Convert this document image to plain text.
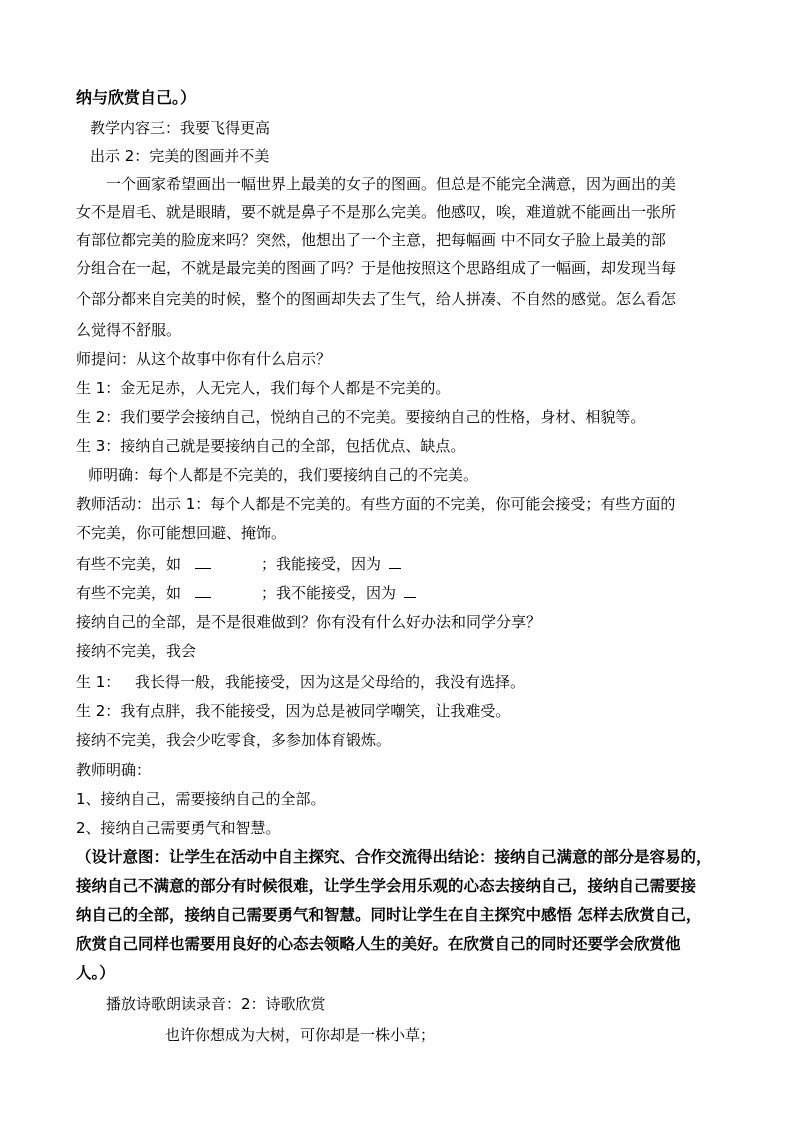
纳与欣赏自己。）
教学内容三：我要飞得更高
出示 2：完美的图画并不美
一个画家希望画出一幅世界上最美的女子的图画。但总是不能完全满意，因为画出的美
女不是眉毛、就是眼睛，要不就是鼻子不是那么完美。他感叹，唉，难道就不能画出一张所
有部位都完美的脸庞来吗？突然，他想出了一个主意，把每幅画 中不同女子脸上最美的部
分组合在一起，不就是最完美的图画了吗？于是他按照这个思路组成了一幅画，却发现当每
个部分都来自完美的时候，整个的图画却失去了生气，给人拼凑、不自然的感觉。怎么看怎
么觉得不舒服。
师提问：从这个故事中你有什么启示？
生 1：金无足赤，人无完人，我们每个人都是不完美的。
生 2：我们要学会接纳自己，悦纳自己的不完美。要接纳自己的性格，身材、相貌等。
生 3：接纳自己就是要接纳自己的全部，包括优点、缺点。
师明确：每个人都是不完美的，我们要接纳自己的不完美。
教师活动：出示 1：每个人都是不完美的。有些方面的不完美，你可能会接受；有些方面的
不完美，你可能想回避、掩饰。
有些不完美，如	；我能接受，因为
有些不完美，如	；我不能接受，因为
接纳自己的全部，是不是很难做到？你有没有什么好办法和同学分享？
接纳不完美，我会
生 1： 我长得一般，我能接受，因为这是父母给的，我没有选择。
生 2：我有点胖，我不能接受，因为总是被同学嘲笑，让我难受。
接纳不完美，我会少吃零食，多参加体育锻炼。
教师明确：
1、接纳自己，需要接纳自己的全部。
2、接纳自己需要勇气和智慧。
（设计意图：让学生在活动中自主探究、合作交流得出结论：接纳自己满意的部分是容易的，
接纳自己不满意的部分有时候很难，让学生学会用乐观的心态去接纳自己，接纳自己需要接
纳自己的全部，接纳自己需要勇气和智慧。同时让学生在自主探究中感悟 怎样去欣赏自己，
欣赏自己同样也需要用良好的心态去领略人生的美好。在欣赏自己的同时还要学会欣赏他
人。）
播放诗歌朗读录音：2：诗歌欣赏
也许你想成为大树，可你却是一株小草；
